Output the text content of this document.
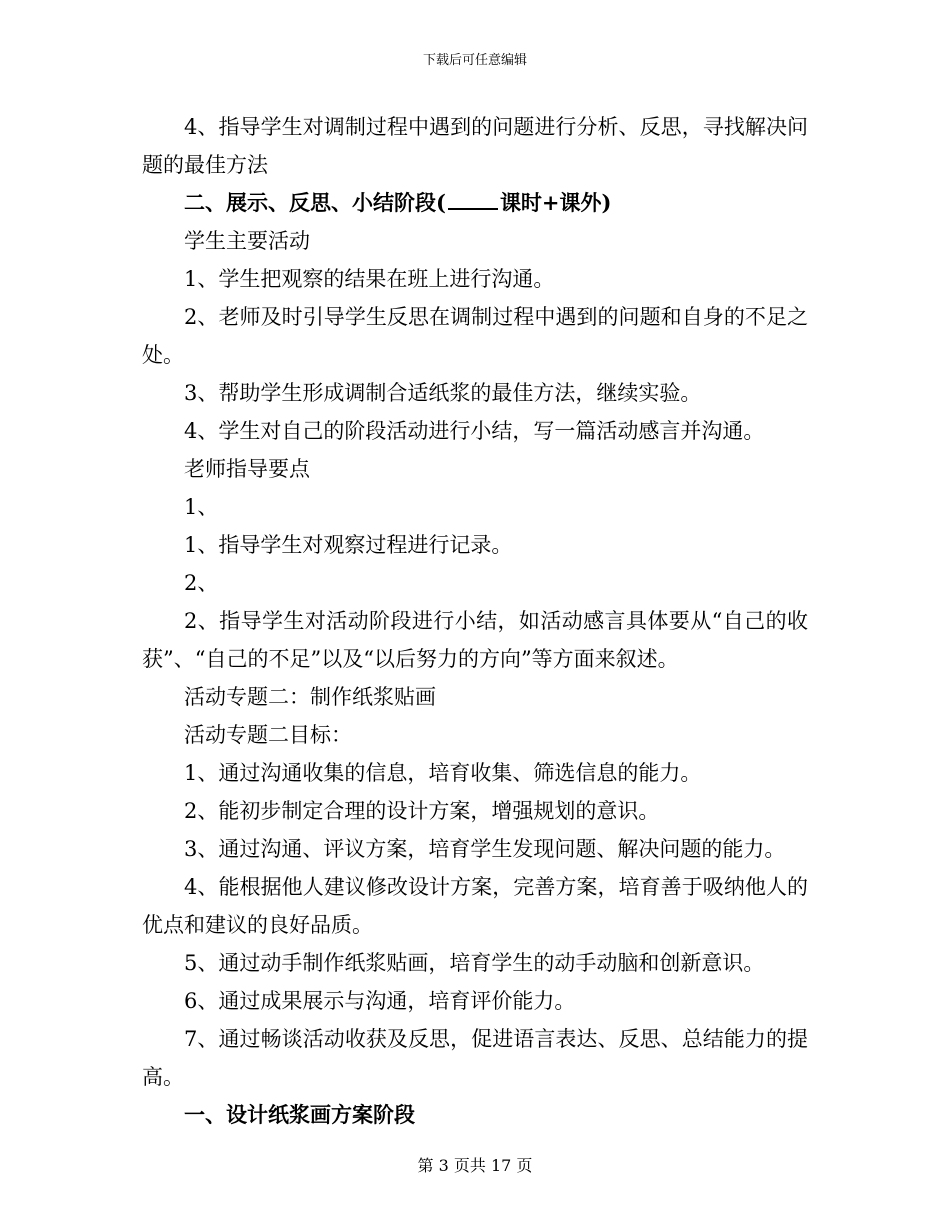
下载后可任意编辑

4、指导学生对调制过程中遇到的问题进行分析、反思，寻找解决问题的最佳方法

二、展示、反思、小结阶段(	课时+课外)

学生主要活动

1、学生把观察的结果在班上进行沟通。

2、老师及时引导学生反思在调制过程中遇到的问题和自身的不足之处。

3、帮助学生形成调制合适纸浆的最佳方法，继续实验。

4、学生对自己的阶段活动进行小结，写一篇活动感言并沟通。

老师指导要点

1、

1、指导学生对观察过程进行记录。

2、

2、指导学生对活动阶段进行小结，如活动感言具体要从“自己的收获”、“自己的不足”以及“以后努力的方向”等方面来叙述。

活动专题二：制作纸浆贴画

活动专题二目标：

1、通过沟通收集的信息，培育收集、筛选信息的能力。

2、能初步制定合理的设计方案，增强规划的意识。

3、通过沟通、评议方案，培育学生发现问题、解决问题的能力。

4、能根据他人建议修改设计方案，完善方案，培育善于吸纳他人的优点和建议的良好品质。

5、通过动手制作纸浆贴画，培育学生的动手动脑和创新意识。

6、通过成果展示与沟通，培育评价能力。

7、通过畅谈活动收获及反思，促进语言表达、反思、总结能力的提高。

一、设计纸浆画方案阶段

第 3 页共 17 页
